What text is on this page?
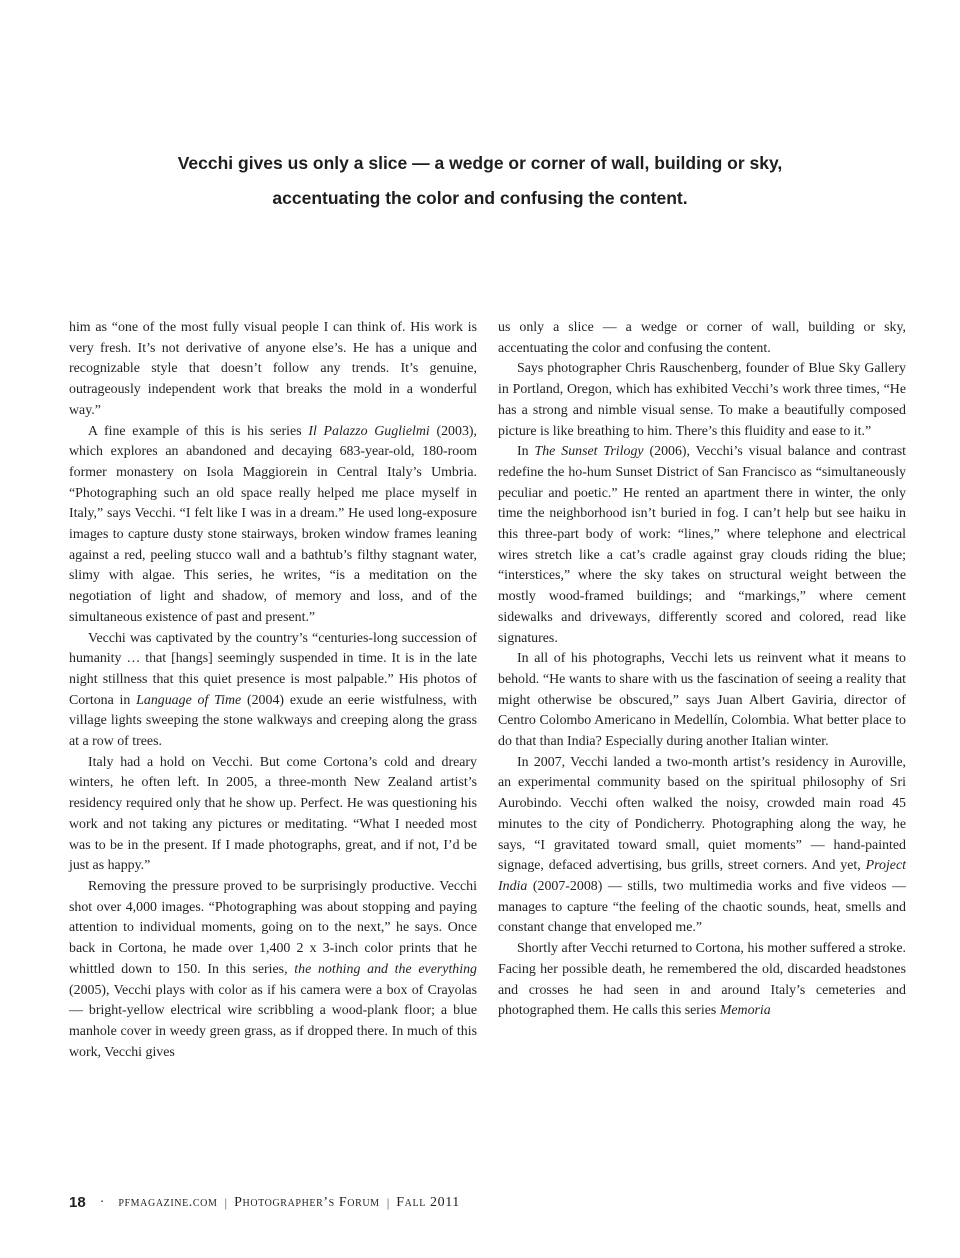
Vecchi gives us only a slice — a wedge or corner of wall, building or sky,
accentuating the color and confusing the content.

him as “one of the most fully visual people I can think of. His work is very fresh. It’s not derivative of anyone else’s. He has a unique and recognizable style that doesn’t follow any trends. It’s genuine, outrageously independent work that breaks the mold in a wonderful way.”

A fine example of this is his series Il Palazzo Guglielmi (2003), which explores an abandoned and decaying 683-year-old, 180-room former monastery on Isola Maggiorein in Central Italy’s Umbria. “Photographing such an old space really helped me place myself in Italy,” says Vecchi. “I felt like I was in a dream.” He used long-exposure images to capture dusty stone stairways, broken window frames leaning against a red, peeling stucco wall and a bathtub’s filthy stagnant water, slimy with algae. This series, he writes, “is a meditation on the negotiation of light and shadow, of memory and loss, and of the simultaneous existence of past and present.”

Vecchi was captivated by the country’s “centuries-long succession of humanity … that [hangs] seemingly suspended in time. It is in the late night stillness that this quiet presence is most palpable.” His photos of Cortona in Language of Time (2004) exude an eerie wistfulness, with village lights sweeping the stone walkways and creeping along the grass at a row of trees.

Italy had a hold on Vecchi. But come Cortona’s cold and dreary winters, he often left. In 2005, a three-month New Zealand artist’s residency required only that he show up. Perfect. He was questioning his work and not taking any pictures or meditating. “What I needed most was to be in the present. If I made photographs, great, and if not, I’d be just as happy.”

Removing the pressure proved to be surprisingly productive. Vecchi shot over 4,000 images. “Photographing was about stopping and paying attention to individual moments, going on to the next,” he says. Once back in Cortona, he made over 1,400 2 x 3-inch color prints that he whittled down to 150. In this series, the nothing and the everything (2005), Vecchi plays with color as if his camera were a box of Crayolas — bright-yellow electrical wire scribbling a wood-plank floor; a blue manhole cover in weedy green grass, as if dropped there. In much of this work, Vecchi gives

us only a slice — a wedge or corner of wall, building or sky, accentuating the color and confusing the content.

Says photographer Chris Rauschenberg, founder of Blue Sky Gallery in Portland, Oregon, which has exhibited Vecchi’s work three times, “He has a strong and nimble visual sense. To make a beautifully composed picture is like breathing to him. There’s this fluidity and ease to it.”

In The Sunset Trilogy (2006), Vecchi’s visual balance and contrast redefine the ho-hum Sunset District of San Francisco as “simultaneously peculiar and poetic.” He rented an apartment there in winter, the only time the neighborhood isn’t buried in fog. I can’t help but see haiku in this three-part body of work: “lines,” where telephone and electrical wires stretch like a cat’s cradle against gray clouds riding the blue; “interstices,” where the sky takes on structural weight between the mostly wood-framed buildings; and “markings,” where cement sidewalks and driveways, differently scored and colored, read like signatures.

In all of his photographs, Vecchi lets us reinvent what it means to behold. “He wants to share with us the fascination of seeing a reality that might otherwise be obscured,” says Juan Albert Gaviria, director of Centro Colombo Americano in Medellín, Colombia. What better place to do that than India? Especially during another Italian winter.

In 2007, Vecchi landed a two-month artist’s residency in Auroville, an experimental community based on the spiritual philosophy of Sri Aurobindo. Vecchi often walked the noisy, crowded main road 45 minutes to the city of Pondicherry. Photographing along the way, he says, “I gravitated toward small, quiet moments” — hand-painted signage, defaced advertising, bus grills, street corners. And yet, Project India (2007-2008) — stills, two multimedia works and five videos — manages to capture “the feeling of the chaotic sounds, heat, smells and constant change that enveloped me.”

Shortly after Vecchi returned to Cortona, his mother suffered a stroke. Facing her possible death, he remembered the old, discarded headstones and crosses he had seen in and around Italy’s cemeteries and photographed them. He calls this series Memoria

18 · pfmagazine.com | Photographer’s Forum | Fall 2011
